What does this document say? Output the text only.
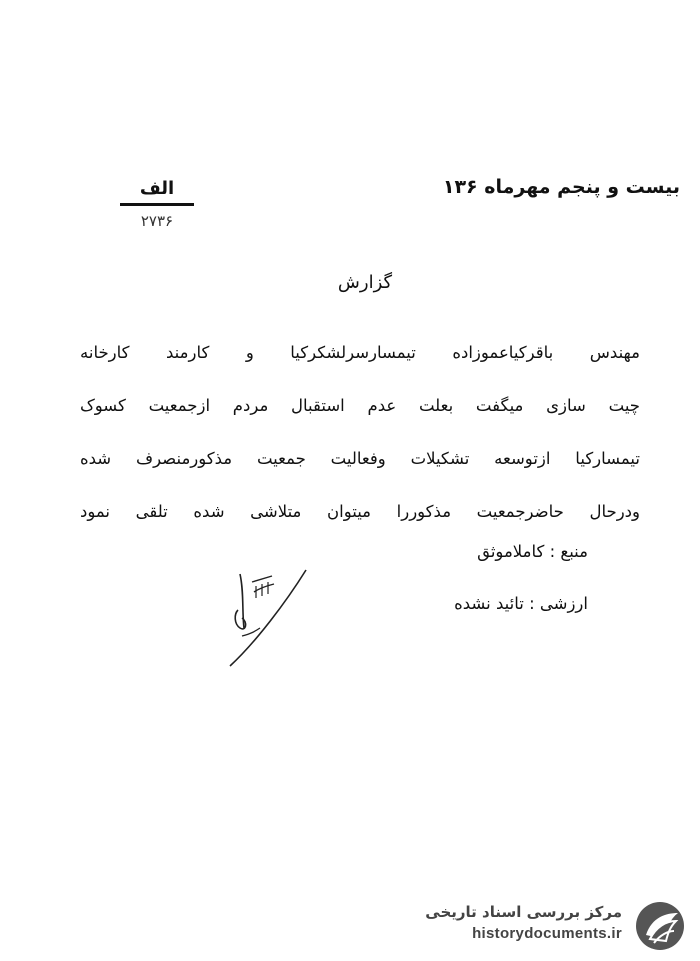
بیست و پنجم مهرماه ۱۳۶
الف
۲۷۳۶
گزارش
مهندس باقرکیاعموزاده تیمسارسرلشکرکیا و کارمند کارخانه
چیت سازی میگفت بعلت عدم استقبال مردم ازجمعیت کسوک
تیمسارکیا ازتوسعه تشکیلات وفعالیت جمعیت مذکورمنصرف شده
ودرحال حاضرجمعیت مذکوررا میتوان متلاشی شده تلقی نمود
منبع : کاملاموثق
ارزشی : تائید نشده
مرکز بررسی اسناد تاریخی
historydocuments.ir
